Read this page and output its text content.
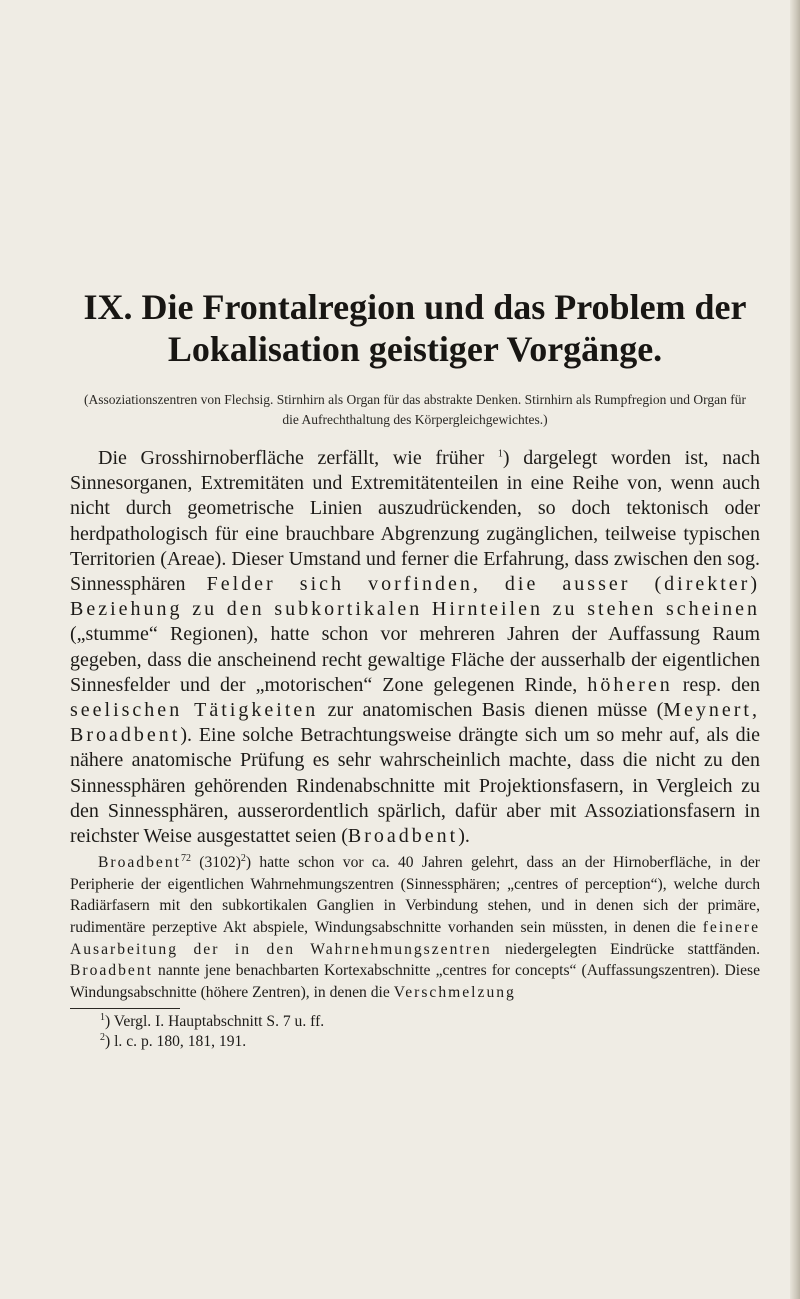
IX. Die Frontalregion und das Problem der
Lokalisation geistiger Vorgänge.

(Assoziationszentren von Flechsig. Stirnhirn als Organ für das abstrakte Denken. Stirnhirn als Rumpfregion und Organ für die Aufrechthaltung des Körpergleichgewichtes.)

Die Grosshirnoberfläche zerfällt, wie früher $^1$) dargelegt worden ist, nach Sinnesorganen, Extremitäten und Extremitätenteilen in eine Reihe von, wenn auch nicht durch geometrische Linien auszudrückenden, so doch tektonisch oder herdpathologisch für eine brauchbare Abgrenzung zugänglichen, teilweise typischen Territorien (Areae). Dieser Umstand und ferner die Erfahrung, dass zwischen den sog. Sinnessphären Felder sich vorfinden, die ausser (direkter) Beziehung zu den subkortikalen Hirnteilen zu stehen scheinen („stumme“ Regionen), hatte schon vor mehreren Jahren der Auffassung Raum gegeben, dass die anscheinend recht gewaltige Fläche der ausserhalb der eigentlichen Sinnesfelder und der „motorischen“ Zone gelegenen Rinde, höheren resp. den seelischen Tätigkeiten zur anatomischen Basis dienen müsse (Meynert, Broadbent). Eine solche Betrachtungsweise drängte sich um so mehr auf, als die nähere anatomische Prüfung es sehr wahrscheinlich machte, dass die nicht zu den Sinnessphären gehörenden Rindenabschnitte mit Projektionsfasern, in Vergleich zu den Sinnessphären, ausserordentlich spärlich, dafür aber mit Assoziationsfasern in reichster Weise ausgestattet seien (Broadbent).

Broadbent$^{72}$ $(3102)^2$) hatte schon vor ca. 40 Jahren gelehrt, dass an der Hirnoberfläche, in der Peripherie der eigentlichen Wahrnehmungszentren (Sinnessphären; „centres of perception“), welche durch Radiärfasern mit den subkortikalen Ganglien in Verbindung stehen, und in denen sich der primäre, rudimentäre perzeptive Akt abspiele, Windungsabschnitte vorhanden sein müssten, in denen die feinere Ausarbeitung der in den Wahrnehmungszentren niedergelegten Eindrücke stattfänden. Broadbent nannte jene benachbarten Kortexabschnitte „centres for concepts“ (Auffassungszentren). Diese Windungsabschnitte (höhere Zentren), in denen die Verschmelzung

$^1$) Vergl. I. Hauptabschnitt S. 7 u. ff.
$^2$) l. c. p. 180, 181, 191.
